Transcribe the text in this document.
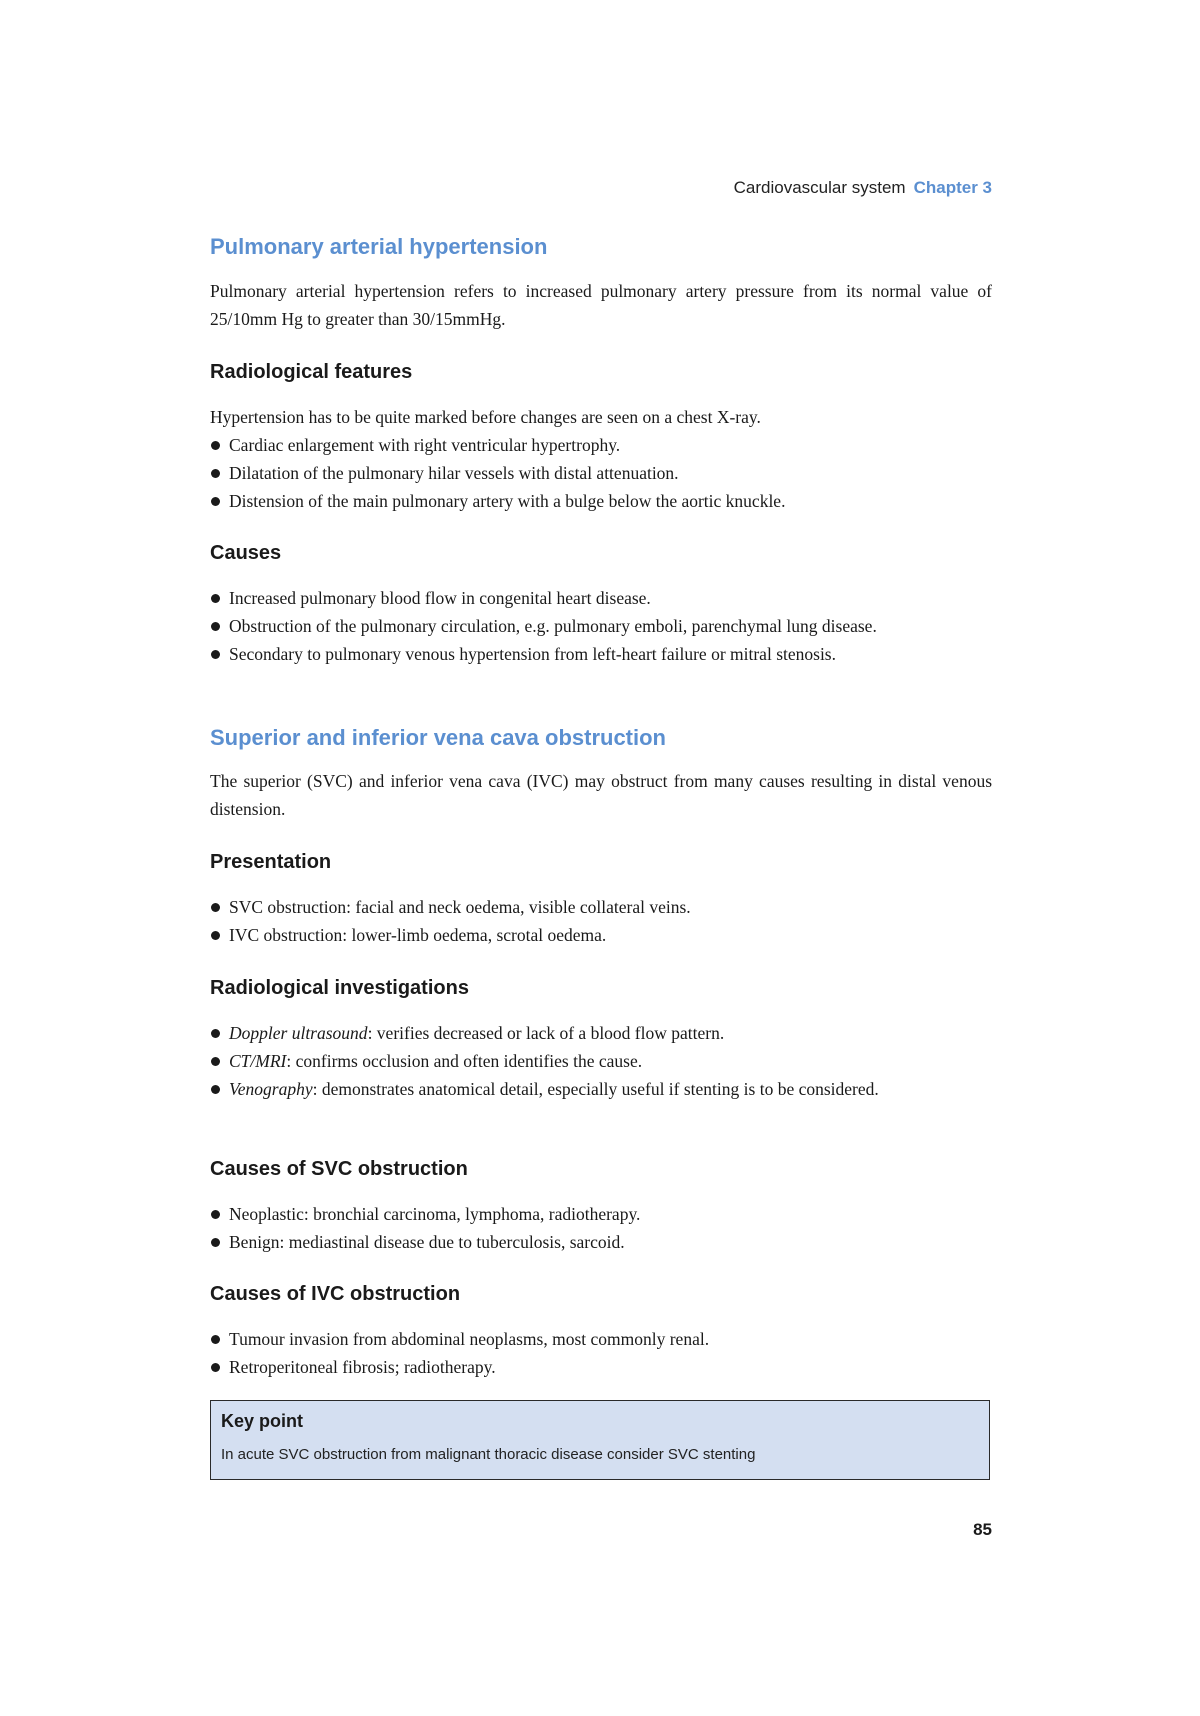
Cardiovascular system Chapter 3
Pulmonary arterial hypertension

Pulmonary arterial hypertension refers to increased pulmonary artery pressure from its normal value of 25/10mm Hg to greater than 30/15mmHg.

Radiological features

Hypertension has to be quite marked before changes are seen on a chest X-ray.

Cardiac enlargement with right ventricular hypertrophy.
Dilatation of the pulmonary hilar vessels with distal attenuation.
Distension of the main pulmonary artery with a bulge below the aortic knuckle.
Causes
Increased pulmonary blood flow in congenital heart disease.
Obstruction of the pulmonary circulation, e.g. pulmonary emboli, parenchymal lung disease.
Secondary to pulmonary venous hypertension from left-heart failure or mitral stenosis.
Superior and inferior vena cava obstruction

The superior (SVC) and inferior vena cava (IVC) may obstruct from many causes resulting in distal venous distension.

Presentation
SVC obstruction: facial and neck oedema, visible collateral veins.
IVC obstruction: lower-limb oedema, scrotal oedema.
Radiological investigations
Doppler ultrasound: verifies decreased or lack of a blood flow pattern.
CT/MRI: confirms occlusion and often identifies the cause.
Venography: demonstrates anatomical detail, especially useful if stenting is to be considered.
Causes of SVC obstruction
Neoplastic: bronchial carcinoma, lymphoma, radiotherapy.
Benign: mediastinal disease due to tuberculosis, sarcoid.
Causes of IVC obstruction
Tumour invasion from abdominal neoplasms, most commonly renal.
Retroperitoneal fibrosis; radiotherapy.
Key point
In acute SVC obstruction from malignant thoracic disease consider SVC stenting
85
